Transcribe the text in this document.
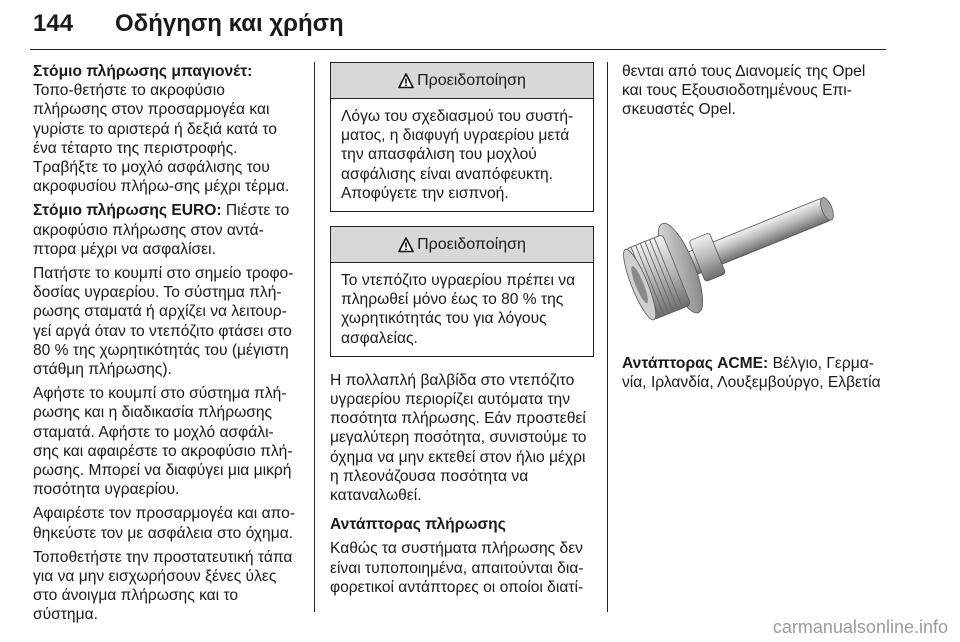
144 Οδήγηση και χρήση

Στόμιο πλήρωσης μπαγιονέτ: Τοπο-θετήστε το ακροφύσιο πλήρωσης στον προσαρμογέα και γυρίστε το αριστερά ή δεξιά κατά το ένα τέταρτο της περιστροφής. Τραβήξτε το μοχλό ασφάλισης του ακροφυσίου πλήρω-σης μέχρι τέρμα.

Στόμιο πλήρωσης EURO: Πιέστε το ακροφύσιο πλήρωσης στον αντά-πτορα μέχρι να ασφαλίσει.

Πατήστε το κουμπί στο σημείο τροφο-δοσίας υγραερίου. Το σύστημα πλή-ρωσης σταματά ή αρχίζει να λειτουρ-γεί αργά όταν το ντεπόζιτο φτάσει στο 80 % της χωρητικότητάς του (μέγιστη στάθμη πλήρωσης).

Αφήστε το κουμπί στο σύστημα πλή-ρωσης και η διαδικασία πλήρωσης σταματά. Αφήστε το μοχλό ασφάλι-σης και αφαιρέστε το ακροφύσιο πλή-ρωσης. Μπορεί να διαφύγει μια μικρή ποσότητα υγραερίου.

Αφαιρέστε τον προσαρμογέα και απο-θηκεύστε τον με ασφάλεια στο όχημα.

Τοποθετήστε την προστατευτική τάπα για να μην εισχωρήσουν ξένες ύλες στο άνοιγμα πλήρωσης και το σύστημα.

Προειδοποίηση
Λόγω του σχεδιασμού του συστή-ματος, η διαφυγή υγραερίου μετά την απασφάλιση του μοχλού ασφάλισης είναι αναπόφευκτη. Αποφύγετε την εισπνοή.
Προειδοποίηση
Το ντεπόζιτο υγραερίου πρέπει να πληρωθεί μόνο έως το 80 % της χωρητικότητάς του για λόγους ασφαλείας.

Η πολλαπλή βαλβίδα στο ντεπόζιτο υγραερίου περιορίζει αυτόματα την ποσότητα πλήρωσης. Εάν προστεθεί μεγαλύτερη ποσότητα, συνιστούμε το όχημα να μην εκτεθεί στον ήλιο μέχρι η πλεονάζουσα ποσότητα να καταναλωθεί.

Αντάπτορας πλήρωσης

Καθώς τα συστήματα πλήρωσης δεν είναι τυποποιημένα, απαιτούνται δια-φορετικοί αντάπτορες οι οποίοι διατί-

θενται από τους Διανομείς της Opel και τους Εξουσιοδοτημένους Επι-σκευαστές Opel.

Αντάπτορας ACME: Βέλγιο, Γερμα-νία, Ιρλανδία, Λουξεμβούργο, Ελβετία

carmanualsonline.info
